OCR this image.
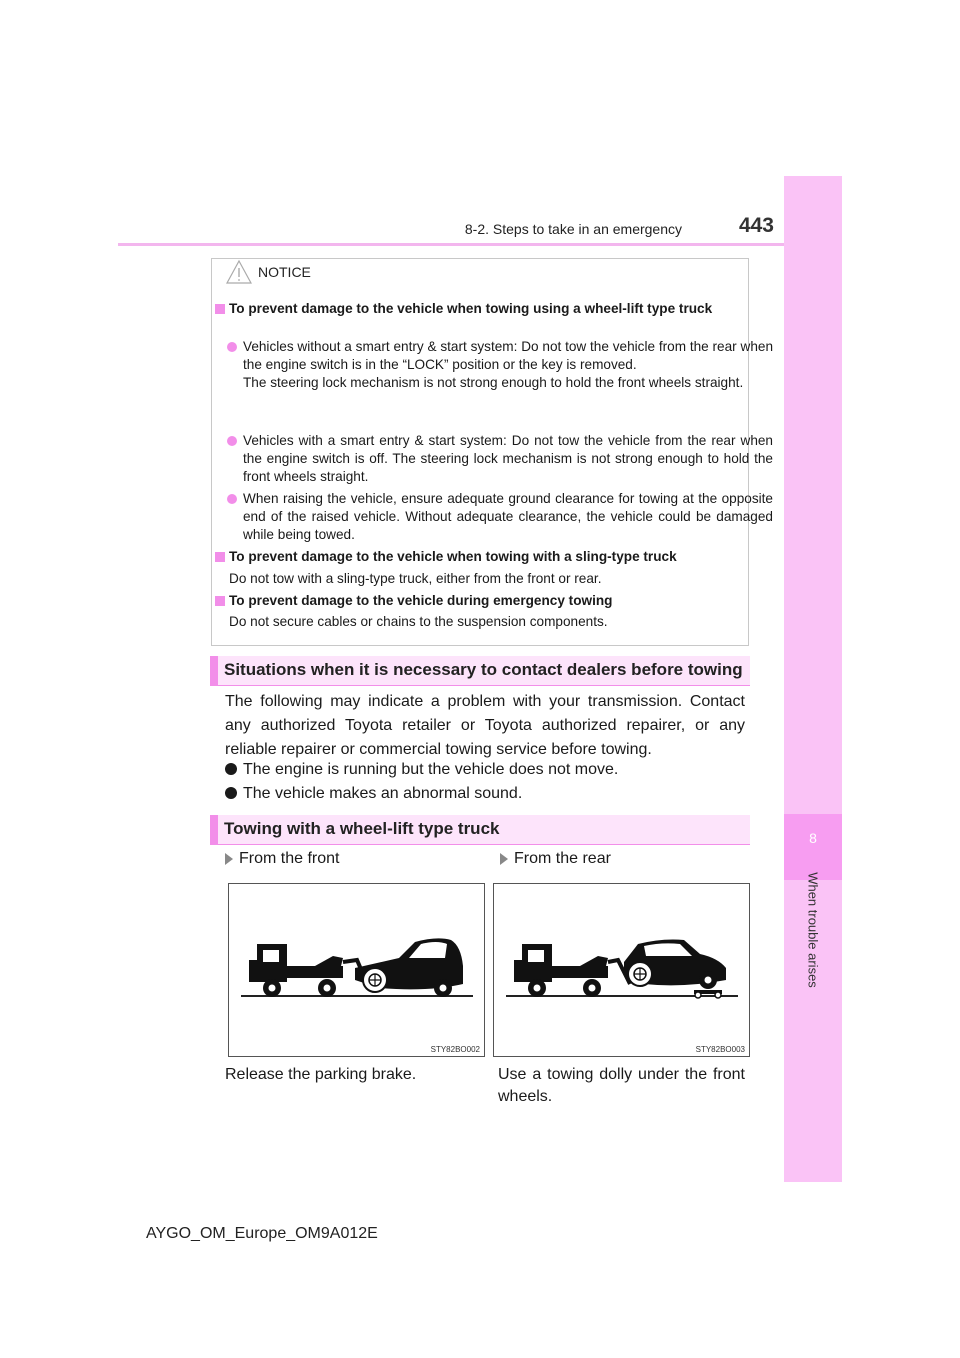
8-2. Steps to take in an emergency	443
8
When trouble arises
NOTICE
To prevent damage to the vehicle when towing using a wheel-lift type truck
Vehicles without a smart entry & start system: Do not tow the vehicle from the rear when the engine switch is in the “LOCK” position or the key is removed.
The steering lock mechanism is not strong enough to hold the front wheels straight.
Vehicles with a smart entry & start system: Do not tow the vehicle from the rear when the engine switch is off. The steering lock mechanism is not strong enough to hold the front wheels straight.
When raising the vehicle, ensure adequate ground clearance for towing at the opposite end of the raised vehicle. Without adequate clearance, the vehicle could be damaged while being towed.
To prevent damage to the vehicle when towing with a sling-type truck
Do not tow with a sling-type truck, either from the front or rear.
To prevent damage to the vehicle during emergency towing
Do not secure cables or chains to the suspension components.
Situations when it is necessary to contact dealers before towing
The following may indicate a problem with your transmission. Contact any authorized Toyota retailer or Toyota authorized repairer, or any reliable repairer or commercial towing service before towing.
The engine is running but the vehicle does not move.
The vehicle makes an abnormal sound.
Towing with a wheel-lift type truck
From the front	From the rear
STY82BO002	STY82BO003
Release the parking brake.	Use a towing dolly under the front wheels.
AYGO_OM_Europe_OM9A012E
